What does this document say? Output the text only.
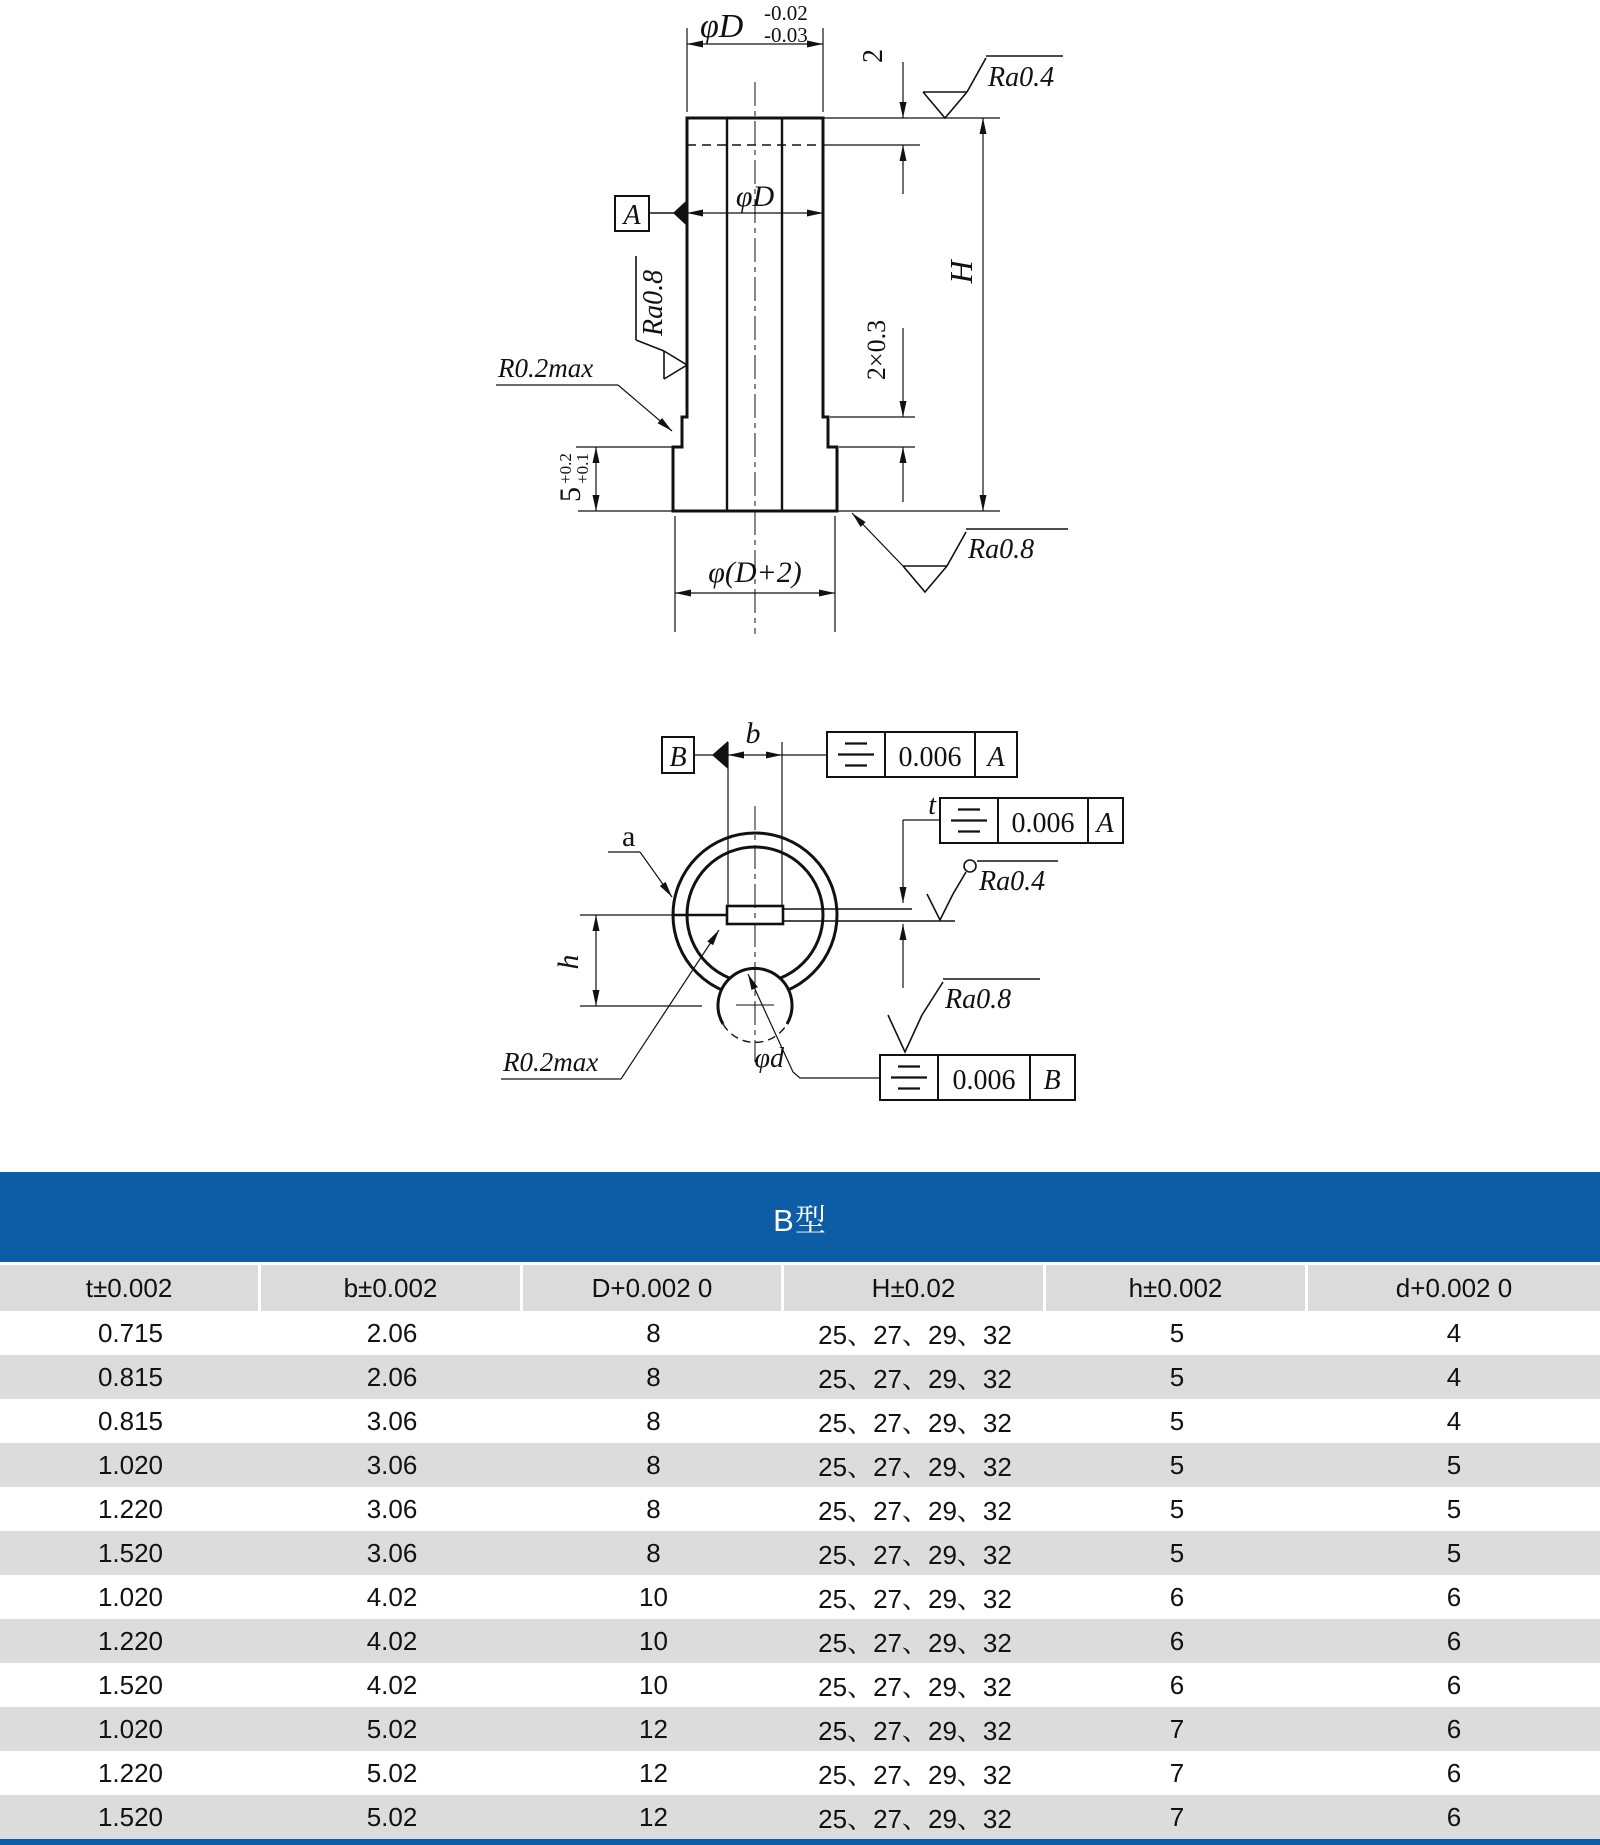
φD -0.02
-0.03
2
Ra0.4
A
φD
Ra0.8
R0.2max
5
+0.2
+0.1
2×0.3
H
φ(D+2)
Ra0.8
B
b
0.006 A
t
0.006 A
Ra0.4
a
h
R0.2max	φd
0.006 B
Ra0.8
B型
t±0.002	b±0.002	D+0.002 0	H±0.02	h±0.002	d+0.002 0
0.715	2.06	8	25、27、29、32	5	4
0.815	2.06	8	25、27、29、32	5	4
0.815	3.06	8	25、27、29、32	5	4
1.020	3.06	8	25、27、29、32	5	5
1.220	3.06	8	25、27、29、32	5	5
1.520	3.06	8	25、27、29、32	5	5
1.020	4.02	10	25、27、29、32	6	6
1.220	4.02	10	25、27、29、32	6	6
1.520	4.02	10	25、27、29、32	6	6
1.020	5.02	12	25、27、29、32	7	6
1.220	5.02	12	25、27、29、32	7	6
1.520	5.02	12	25、27、29、32	7	6
